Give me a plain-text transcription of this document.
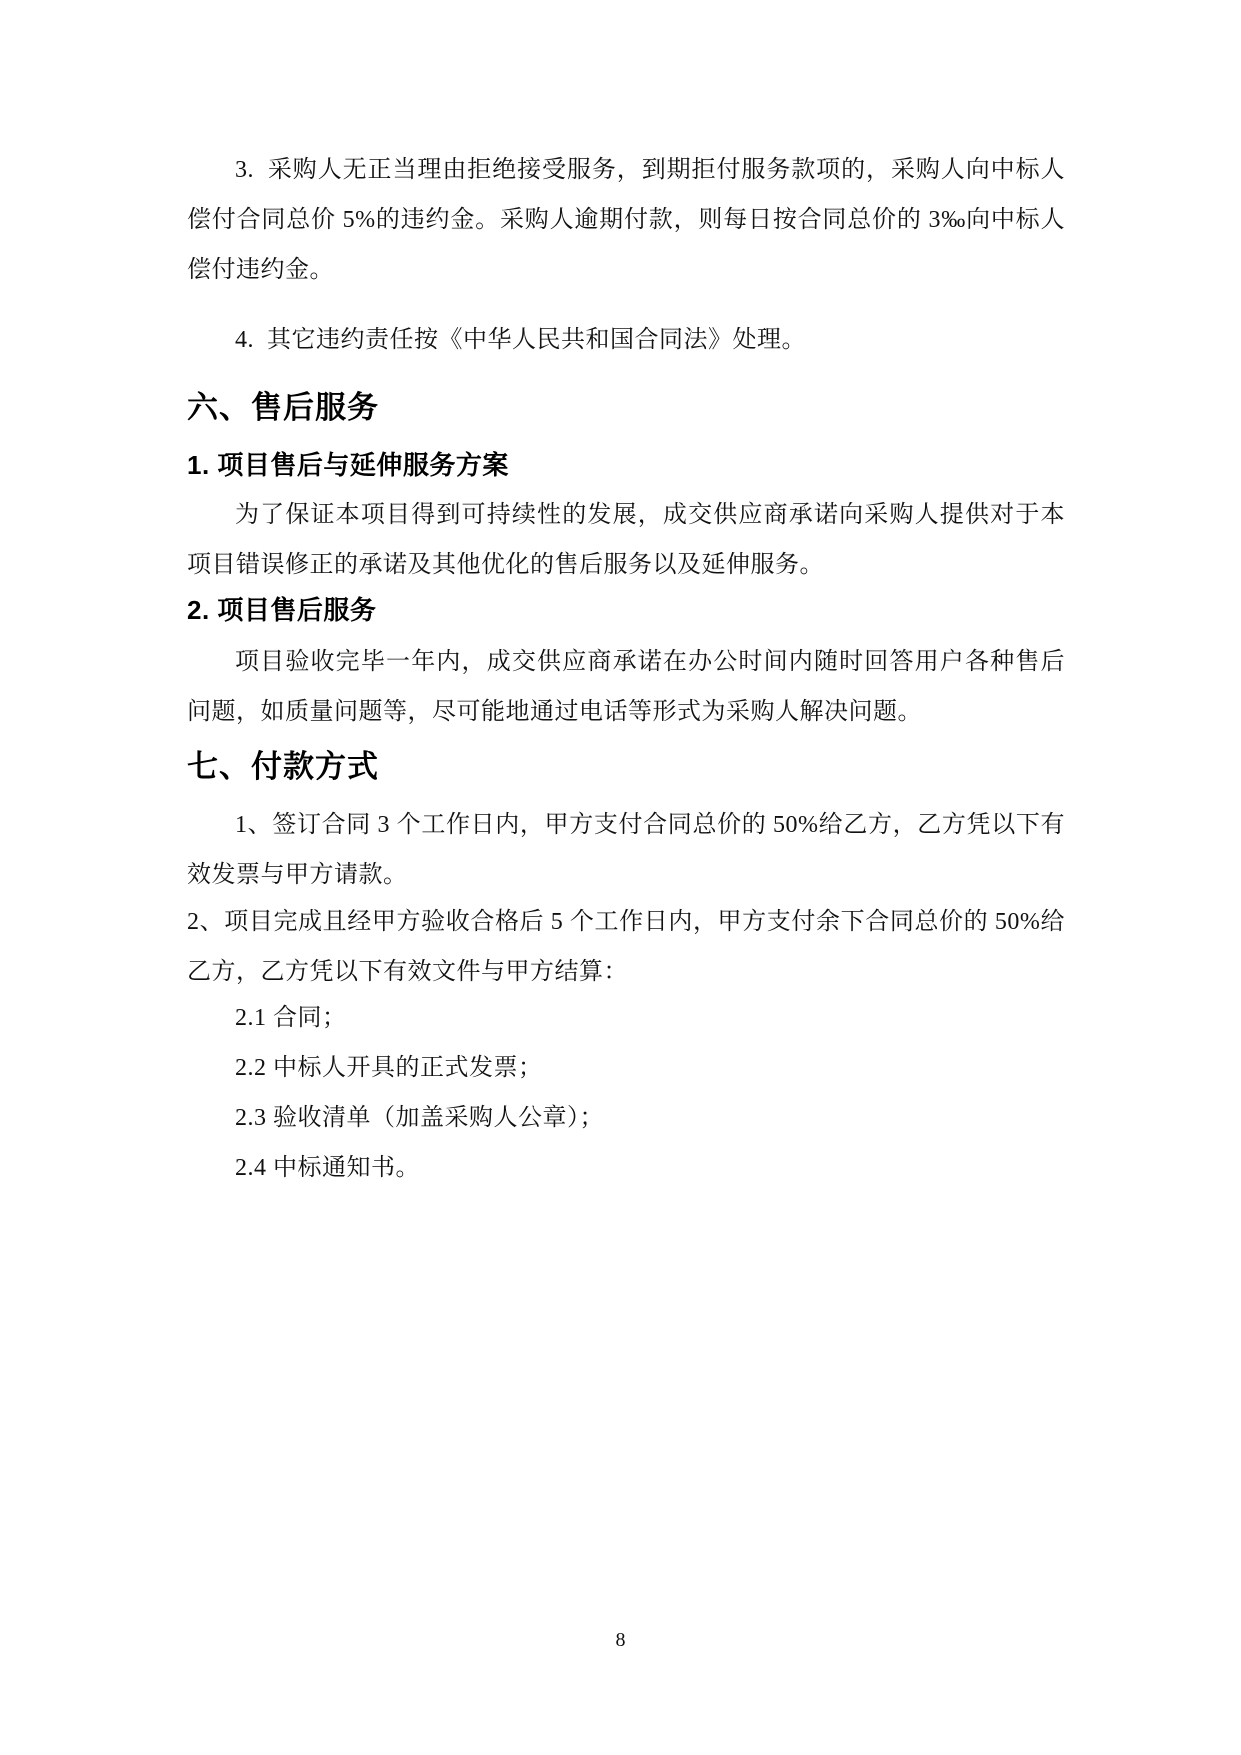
3.  采购人无正当理由拒绝接受服务，到期拒付服务款项的，采购人向中标人偿付合同总价 5%的违约金。采购人逾期付款，则每日按合同总价的 3‰向中标人偿付违约金。

4.  其它违约责任按《中华人民共和国合同法》处理。

六、售后服务
1. 项目售后与延伸服务方案

为了保证本项目得到可持续性的发展，成交供应商承诺向采购人提供对于本项目错误修正的承诺及其他优化的售后服务以及延伸服务。

2. 项目售后服务

项目验收完毕一年内，成交供应商承诺在办公时间内随时回答用户各种售后问题，如质量问题等，尽可能地通过电话等形式为采购人解决问题。

七、付款方式

1、签订合同 3 个工作日内，甲方支付合同总价的 50%给乙方，乙方凭以下有效发票与甲方请款。

2、项目完成且经甲方验收合格后 5 个工作日内，甲方支付余下合同总价的 50%给乙方，乙方凭以下有效文件与甲方结算：

2.1 合同；

2.2 中标人开具的正式发票；

2.3 验收清单（加盖采购人公章）；

2.4 中标通知书。

8
